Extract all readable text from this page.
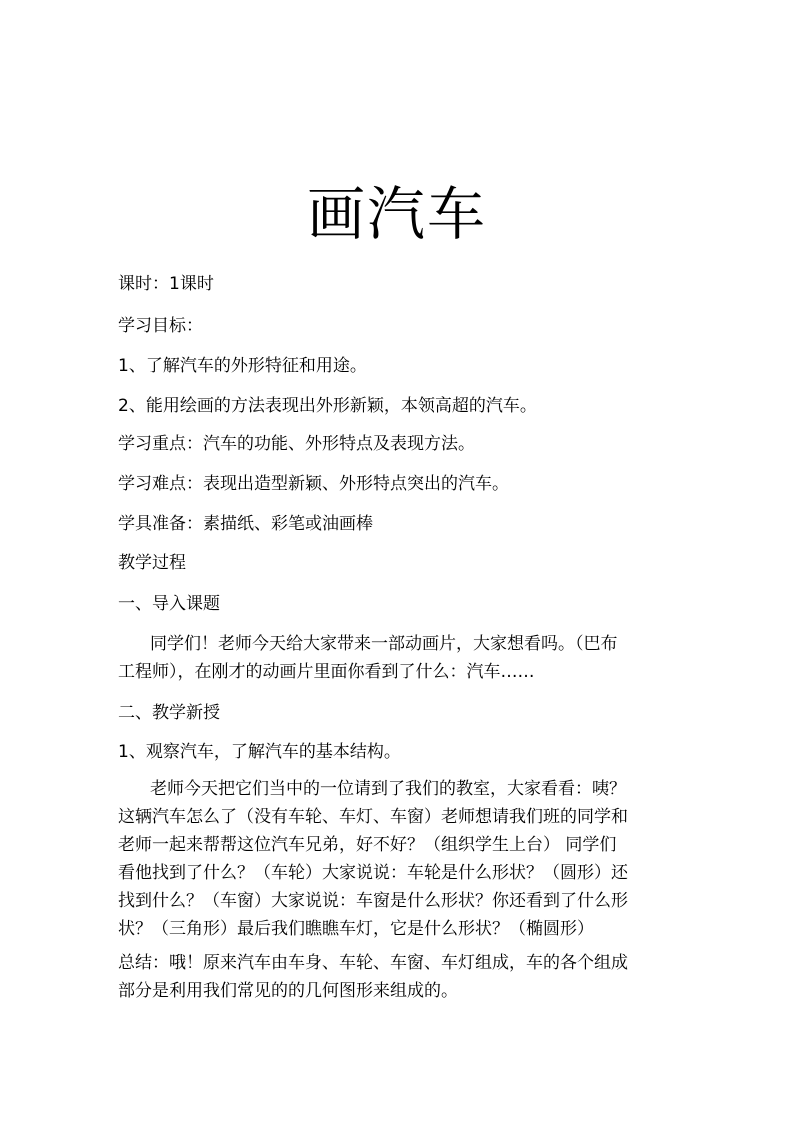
画汽车
课时：1课时
学习目标：
1、了解汽车的外形特征和用途。
2、能用绘画的方法表现出外形新颖，本领高超的汽车。
学习重点：汽车的功能、外形特点及表现方法。
学习难点：表现出造型新颖、外形特点突出的汽车。
学具准备：素描纸、彩笔或油画棒
教学过程
一、导入课题
同学们！老师今天给大家带来一部动画片，大家想看吗。（巴布
工程师），在刚才的动画片里面你看到了什么：汽车……
二、教学新授
1、观察汽车，了解汽车的基本结构。
老师今天把它们当中的一位请到了我们的教室，大家看看：咦？
这辆汽车怎么了（没有车轮、车灯、车窗）老师想请我们班的同学和
老师一起来帮帮这位汽车兄弟，好不好？（组织学生上台） 同学们
看他找到了什么？（车轮）大家说说：车轮是什么形状？（圆形）还
找到什么？（车窗）大家说说：车窗是什么形状？你还看到了什么形
状？（三角形）最后我们瞧瞧车灯，它是什么形状？（椭圆形）
总结：哦！原来汽车由车身、车轮、车窗、车灯组成，车的各个组成
部分是利用我们常见的的几何图形来组成的。
